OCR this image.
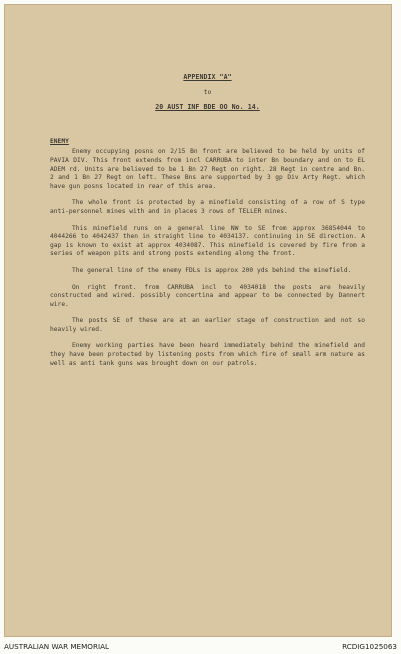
APPENDIX "A"
to
20 AUST INF BDE OO No. 14.
ENEMY

Enemy occupying posns on 2/15 Bn front are believed to be held by units of PAVIA DIV. This front extends from incl CARRUBA to inter Bn boundary and on to EL ADEM rd. Units are believed to be 1 Bn 27 Regt on right. 28 Regt in centre and Bn. 2 and 1 Bn 27 Regt on left. These Bns are supported by 3 gp Div Arty Regt. which have gun posns located in rear of this area.

The whole front is protected by a minefield consisting of a row of S type anti-personnel mines with and in places 3 rows of TELLER mines.

This minefield runs on a general line NW to SE from approx 36854044 to 4044266 to 4042437 then in straight line to 4034137. continuing in SE direction. A gap is known to exist at approx 4034087. This minefield is covered by fire from a series of weapon pits and strong posts extending along the front.

The general line of the enemy FDLs is approx 200 yds behind the minefield.

On right front. from CARRUBA incl to 4034018 the posts are heavily constructed and wired. possibly concertina and appear to be connected by Dannert wire.

The posts SE of these are at an earlier stage of construction and not so heavily wired.

Enemy working parties have been heard immediately behind the minefield and they have been protected by listening posts from which fire of small arm nature as well as anti tank guns was brought down on our patrols.

AUSTRALIAN WAR MEMORIAL	RCDIG1025063
